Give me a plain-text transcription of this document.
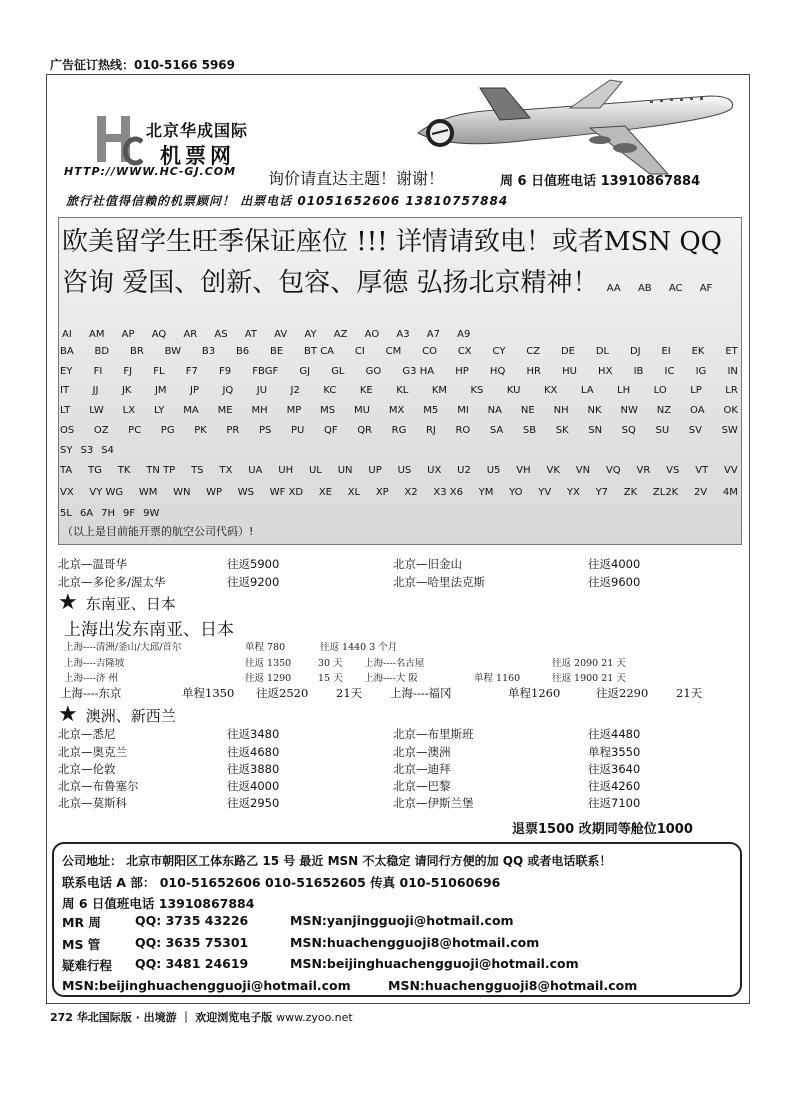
广告征订热线：010-5166 5969
北京华成国际
机票网
HTTP://WWW.HC-GJ.COM 询价请直达主题！谢谢！	周 6 日值班电话 13910867884
旅行社值得信赖的机票顾问！ 出票电话 01051652606 13810757884
欧美留学生旺季保证座位 !!! 详情请致电！或者MSN QQ 咨询 爱国、创新、包容、厚德 弘扬北京精神！ AA AB AC AF AI AM AP AQ AR AS AT AV AY AZ AO A3 A7 A9
BA BD BR BW B3 B6 BE BT CA CI CM CO CX CY CZ DE DL DJ EI EK ET
EY FI FJ FL F7 F9 FBGF GJ GL GO G3 HA HP HQ HR HU HX IB IC IG IN
IT JJ JK JM JP JQ JU J2 KC KE KL KM KS KU KX LA LH LO LP LR
LT LW LX LY MA ME MH MP MS MU MX M5 MI NA NE NH NK NW NZ OA OK
OS OZ PC PG PK PR PS PU QF QR RG RJ RO SA SB SK SN SQ SU SV SW
SY S3 S4
TA TG TK TN TP TS TX UA UH UL UN UP US UX U2 U5 VH VK VN VQ VR VS VT VV
VX VY WG WM WN WP WS WF XD XE XL XP X2 X3 X6 YM YO YV YX Y7 ZK ZL2K 2V 4M
5L 6A 7H 9F 9W
（以上是目前能开票的航空公司代码）!
北京—温哥华	往返5900	北京—旧金山	往返4000
北京—多伦多/渥太华	往返9200	北京—哈里法克斯	往返9600
★ 东南亚、日本
上海出发东南亚、日本
上海----清洲/釜山/大邱/首尔	单程 780	往返 1440 3 个月
上海----吉隆坡	往返 1350	30 天 上海----名古屋	往返 2090 21 天
上海----济 州	往返 1290	15 天 上海----大 阪	单程 1160	往返 1900 21 天
上海----东京	单程1350 往返2520 21天 上海----福冈	单程1260	往返2290 21天
★ 澳洲、新西兰
北京—悉尼	往返3480	北京—布里斯班	往返4480
北京—奥克兰	往返4680	北京—澳洲	单程3550
北京—伦敦	往返3880	北京—迪拜	往返3640
北京—布鲁塞尔	往返4000	北京—巴黎	往返4260
北京—莫斯科	往返2950	北京—伊斯兰堡	往返7100
退票1500 改期同等舱位1000
公司地址： 北京市朝阳区工体东路乙 15 号 最近 MSN 不太稳定 请同行方便的加 QQ 或者电话联系！
联系电话 A 部： 010-51652606 010-51652605 传真 010-51060696
周 6 日值班电话 13910867884
MR 周	QQ: 3735 43226	MSN:yanjingguoji@hotmail.com
MS 管	QQ: 3635 75301	MSN:huachengguoji8@hotmail.com
疑难行程 QQ: 3481 24619	MSN:beijinghuachengguoji@hotmail.com
MSN:beijinghuachengguoji@hotmail.com	MSN:huachengguoji8@hotmail.com
272 华北国际版 · 出境游 ｜ 欢迎浏览电子版 www.zyoo.net
